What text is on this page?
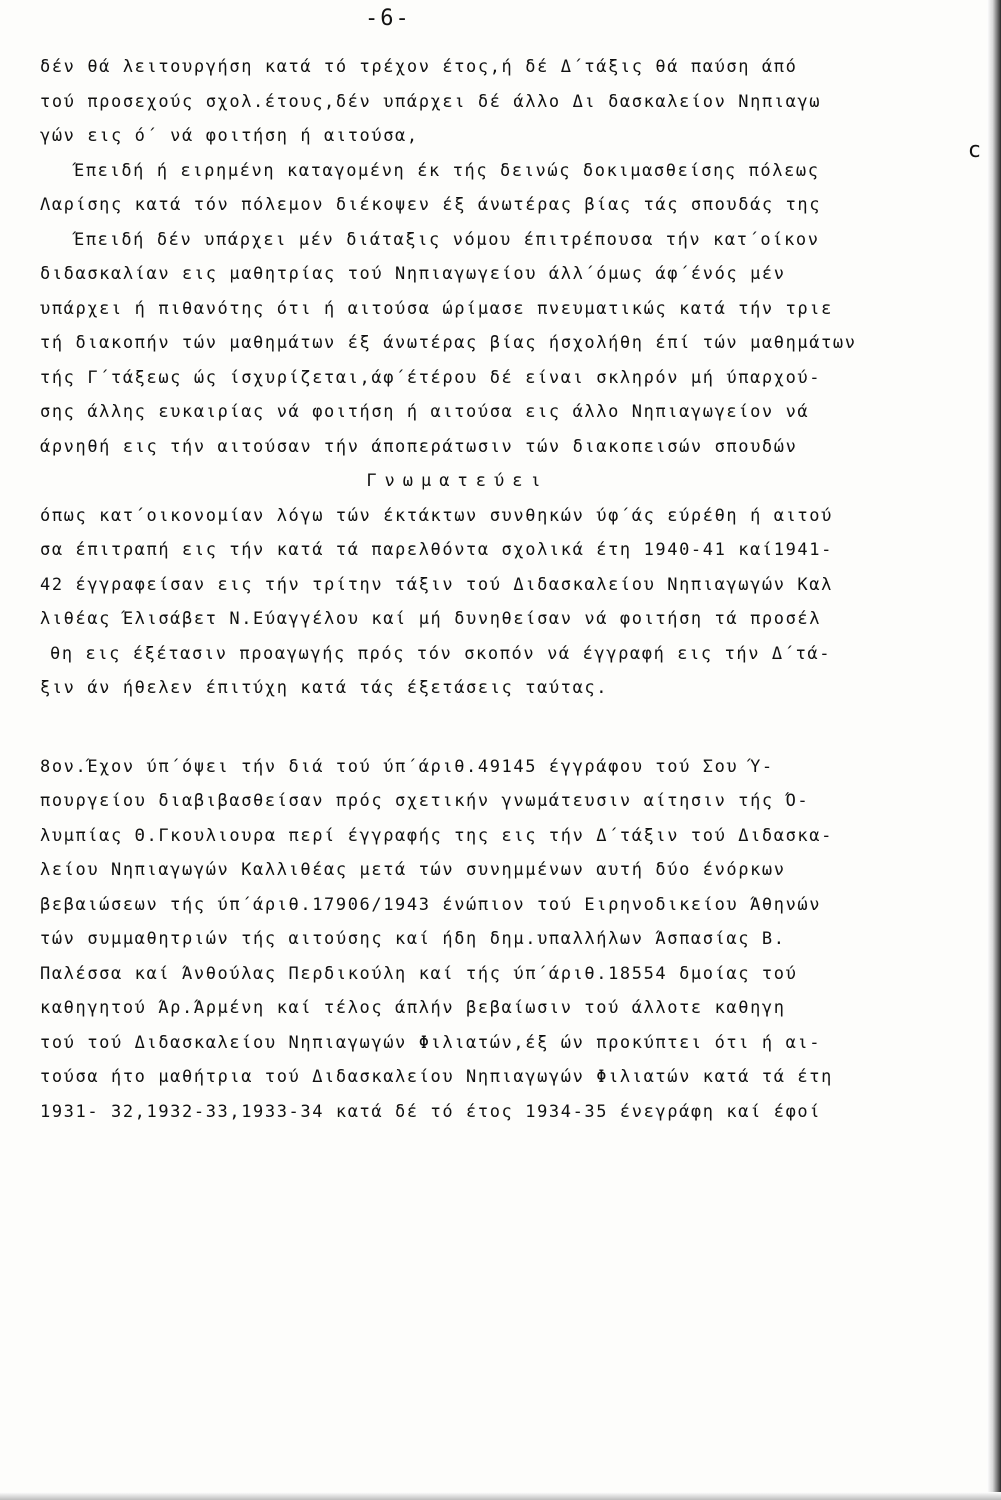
-6-
c
δέν θά λειτουργήση κατά τό τρέχον έτος,ή δέ Δ΄τάξις θά παύση άπό
τού προσεχούς σχολ.έτους,δέν υπάρχει δέ άλλο Δι δασκαλείον Νηπιαγω
γών εις ό΄ νά φοιτήση ή αιτούσα,
Έπειδή ή ειρημένη καταγομένη έκ τής δεινώς δοκιμασθείσης πόλεως
Λαρίσης κατά τόν πόλεμον διέκοψεν έξ άνωτέρας βίας τάς σπουδάς της
Έπειδή δέν υπάρχει μέν διάταξις νόμου έπιτρέπουσα τήν κατ΄οίκον
διδασκαλίαν εις μαθητρίας τού Νηπιαγωγείου άλλ΄όμως άφ΄ένός μέν
υπάρχει ή πιθανότης ότι ή αιτούσα ώρίμασε πνευματικώς κατά τήν τριε
τή διακοπήν τών μαθημάτων έξ άνωτέρας βίας ήσχολήθη έπί τών μαθημάτων
τής Γ΄τάξεως ώς ίσχυρίζεται,άφ΄έτέρου δέ είναι σκληρόν μή ύπαρχού-
σης άλλης ευκαιρίας νά φοιτήση ή αιτούσα εις άλλο Νηπιαγωγείον νά
άρνηθή εις τήν αιτούσαν τήν άποπεράτωσιν τών διακοπεισών σπουδών
Γνωματεύει
όπως κατ΄οικονομίαν λόγω τών έκτάκτων συνθηκών ύφ΄άς εύρέθη ή αιτού
σα έπιτραπή εις τήν κατά τά παρελθόντα σχολικά έτη 1940-41 καί1941-
42 έγγραφείσαν εις τήν τρίτην τάξιν τού Διδασκαλείου Νηπιαγωγών Καλ
λιθέας Έλισάβετ Ν.Εύαγγέλου καί μή δυνηθείσαν νά φοιτήση τά προσέλ
θη εις έξέτασιν προαγωγής πρός τόν σκοπόν νά έγγραφή εις τήν Δ΄τά-
ξιν άν ήθελεν έπιτύχη κατά τάς έξετάσεις ταύτας.
8ον.Έχον ύπ΄όψει τήν διά τού ύπ΄άριθ.49145 έγγράφου τού Σου Ύ-
πουργείου διαβιβασθείσαν πρός σχετικήν γνωμάτευσιν αίτησιν τής Ό-
λυμπίας Θ.Γκουλιουρα περί έγγραφής της εις τήν Δ΄τάξιν τού Διδασκα-
λείου Νηπιαγωγών Καλλιθέας μετά τών συνημμένων αυτή δύο ένόρκων
βεβαιώσεων τής ύπ΄άριθ.17906/1943 ένώπιον τού Ειρηνοδικείου Άθηνών
τών συμμαθητριών τής αιτούσης καί ήδη δημ.υπαλλήλων Άσπασίας Β.
Παλέσσα καί Άνθούλας Περδικούλη καί τής ύπ΄άριθ.18554 δμοίας τού
καθηγητού Άρ.Άρμένη καί τέλος άπλήν βεβαίωσιν τού άλλοτε καθηγη
τού τού Διδασκαλείου Νηπιαγωγών Φιλιατών,έξ ών προκύπτει ότι ή αι-
τούσα ήτο μαθήτρια τού Διδασκαλείου Νηπιαγωγών Φιλιατών κατά τά έτη
1931- 32,1932-33,1933-34 κατά δέ τό έτος 1934-35 ένεγράφη καί έφοί
